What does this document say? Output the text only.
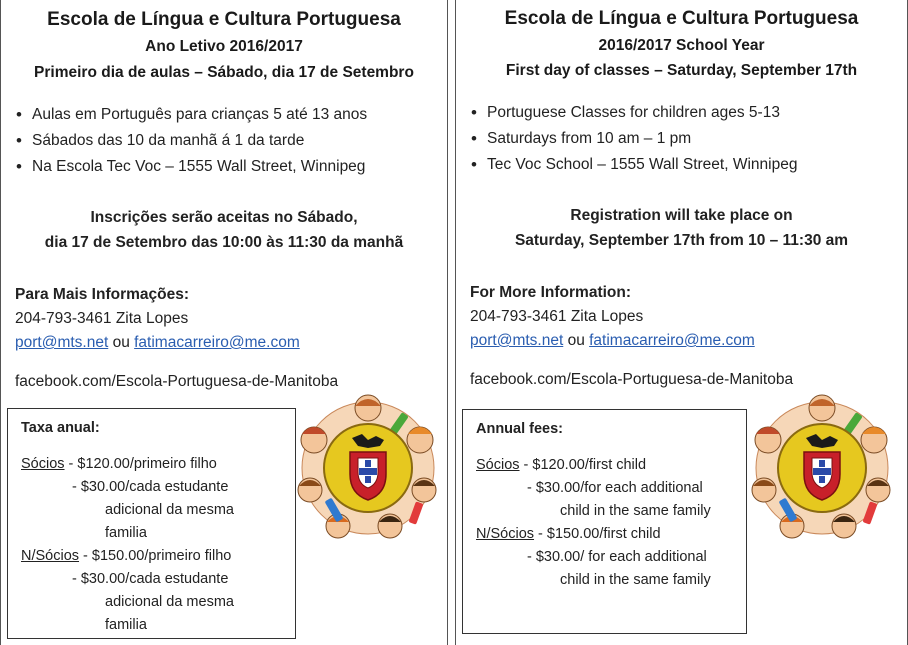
Escola de Língua e Cultura Portuguesa
Ano Letivo 2016/2017
Primeiro dia de aulas – Sábado, dia 17 de Setembro
• Aulas em Português para crianças 5 até 13 anos
• Sábados das 10 da manhã á 1 da tarde
• Na Escola Tec Voc – 1555 Wall Street, Winnipeg
Inscrições serão aceitas no Sábado,
dia 17 de Setembro das 10:00 às 11:30 da manhã
Para Mais Informações:
204-793-3461 Zita Lopes
port@mts.net ou fatimacarreiro@me.com
facebook.com/Escola-Portuguesa-de-Manitoba
Taxa anual:
Sócios - $120.00/primeiro filho
- $30.00/cada estudante
adicional da mesma
familia
N/Sócios - $150.00/primeiro filho
- $30.00/cada estudante
adicional da mesma
familia
Escola de Língua e Cultura Portuguesa
2016/2017 School Year
First day of classes – Saturday, September 17th
• Portuguese Classes for children ages 5-13
• Saturdays from 10 am – 1 pm
• Tec Voc School – 1555 Wall Street, Winnipeg
Registration will take place on
Saturday, September 17th from 10 – 11:30 am
For More Information:
204-793-3461 Zita Lopes
port@mts.net ou fatimacarreiro@me.com
facebook.com/Escola-Portuguesa-de-Manitoba
Annual fees:
Sócios - $120.00/first child
- $30.00/for each additional
child in the same family
N/Sócios - $150.00/first child
- $30.00/ for each additional
child in the same family
